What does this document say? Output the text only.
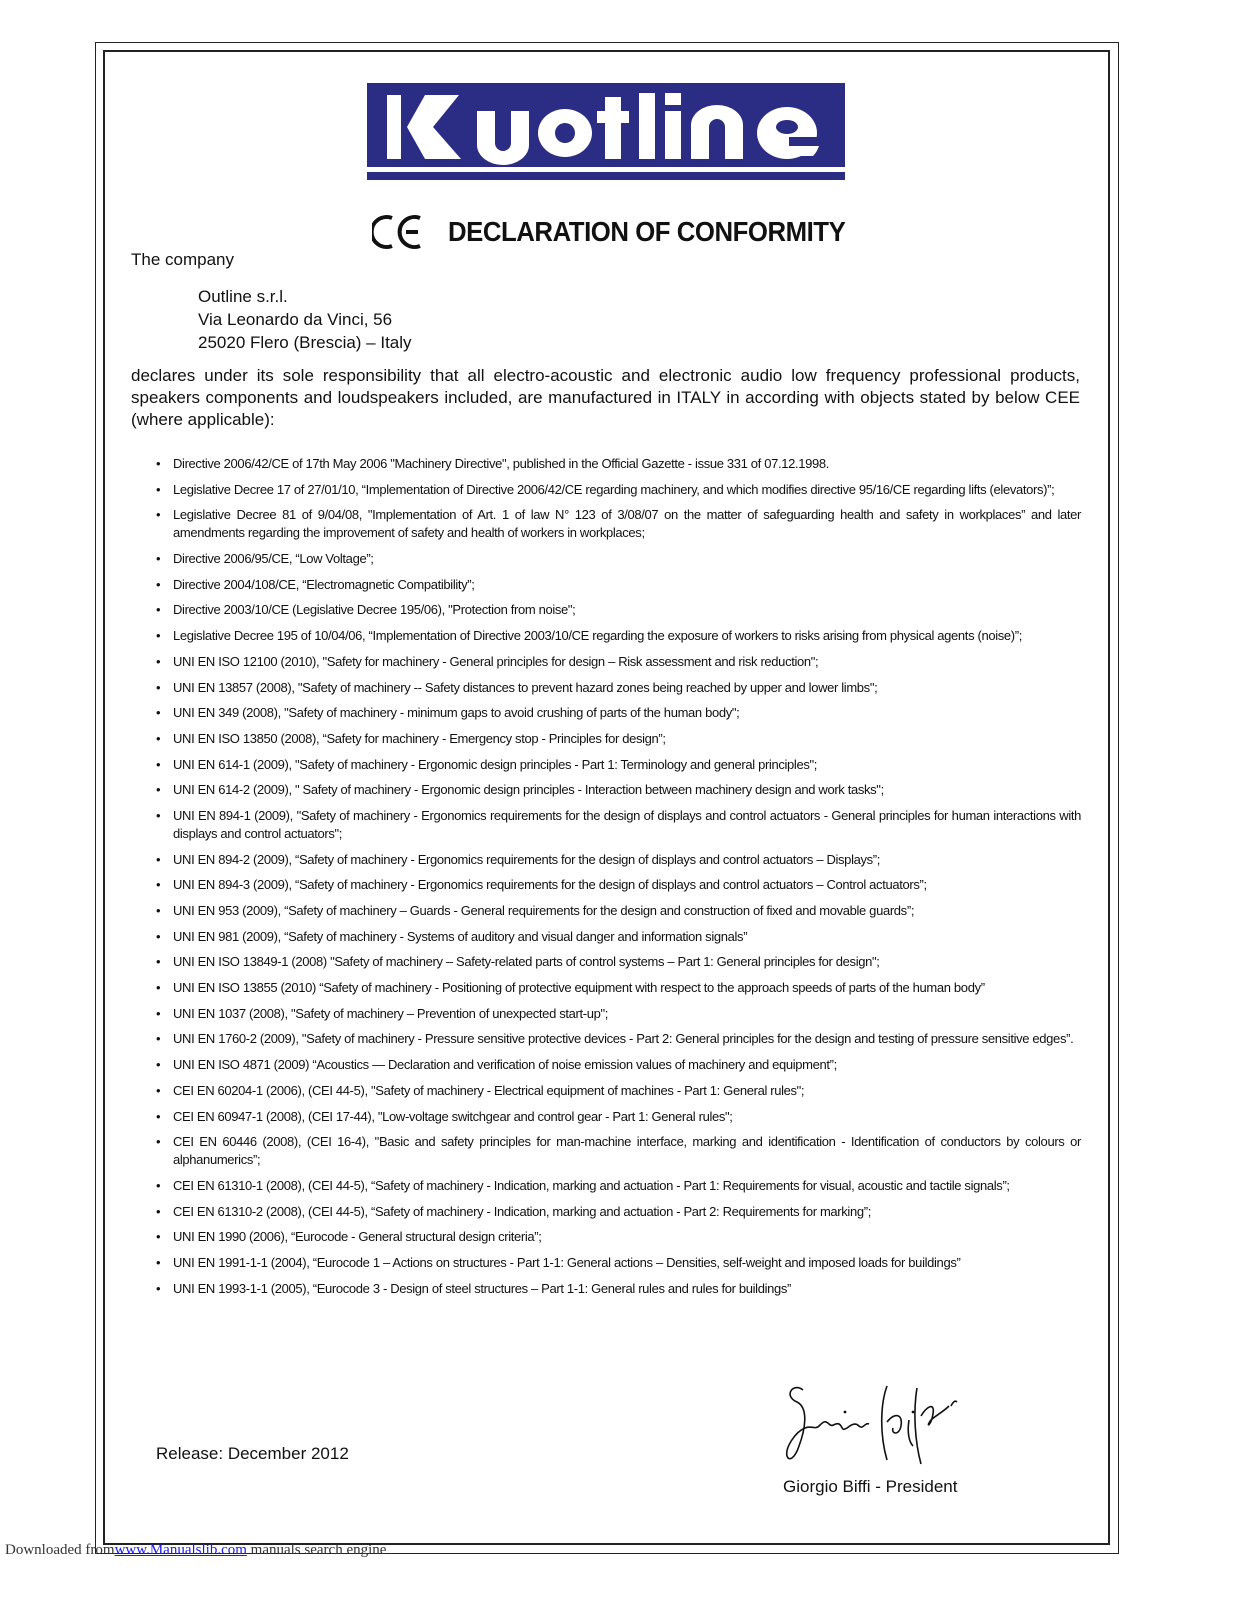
DECLARATION OF CONFORMITY
The company
Outline s.r.l.
Via Leonardo da Vinci, 56
25020 Flero (Brescia) – Italy
declares under its sole responsibility that all electro-acoustic and electronic audio low frequency professional products, speakers components and loudspeakers included, are manufactured in ITALY in according with objects stated by below CEE (where applicable):
• Directive 2006/42/CE of 17th May 2006 "Machinery Directive", published in the Official Gazette - issue 331 of 07.12.1998.
• Legislative Decree 17 of 27/01/10, “Implementation of Directive 2006/42/CE regarding machinery, and which modifies directive 95/16/CE regarding lifts (elevators)”;
• Legislative Decree 81 of 9/04/08, "Implementation of Art. 1 of law N° 123 of 3/08/07 on the matter of safeguarding health and safety in workplaces” and later amendments regarding the improvement of safety and health of workers in workplaces;
• Directive 2006/95/CE, “Low Voltage”;
• Directive 2004/108/CE, “Electromagnetic Compatibility”;
• Directive 2003/10/CE (Legislative Decree 195/06), "Protection from noise";
• Legislative Decree 195 of 10/04/06, “Implementation of Directive 2003/10/CE regarding the exposure of workers to risks arising from physical agents (noise)”;
• UNI EN ISO 12100 (2010), "Safety for machinery - General principles for design – Risk assessment and risk reduction";
• UNI EN 13857 (2008), "Safety of machinery -- Safety distances to prevent hazard zones being reached by upper and lower limbs";
• UNI EN 349 (2008), "Safety of machinery - minimum gaps to avoid crushing of parts of the human body";
• UNI EN ISO 13850 (2008), “Safety for machinery - Emergency stop - Principles for design”;
• UNI EN 614-1 (2009), "Safety of machinery - Ergonomic design principles - Part 1: Terminology and general principles";
• UNI EN 614-2 (2009), " Safety of machinery - Ergonomic design principles - Interaction between machinery design and work tasks";
• UNI EN 894-1 (2009), "Safety of machinery - Ergonomics requirements for the design of displays and control actuators - General principles for human interactions with displays and control actuators";
• UNI EN 894-2 (2009), “Safety of machinery - Ergonomics requirements for the design of displays and control actuators – Displays”;
• UNI EN 894-3 (2009), “Safety of machinery - Ergonomics requirements for the design of displays and control actuators – Control actuators”;
• UNI EN 953 (2009), “Safety of machinery – Guards - General requirements for the design and construction of fixed and movable guards”;
• UNI EN 981 (2009), “Safety of machinery - Systems of auditory and visual danger and information signals”
• UNI EN ISO 13849-1 (2008) "Safety of machinery – Safety-related parts of control systems – Part 1: General principles for design";
• UNI EN ISO 13855 (2010) “Safety of machinery - Positioning of protective equipment with respect to the approach speeds of parts of the human body”
• UNI EN 1037 (2008), "Safety of machinery – Prevention of unexpected start-up";
• UNI EN 1760-2 (2009), "Safety of machinery - Pressure sensitive protective devices - Part 2: General principles for the design and testing of pressure sensitive edges”.
• UNI EN ISO 4871 (2009) “Acoustics — Declaration and verification of noise emission values of machinery and equipment”;
• CEI EN 60204-1 (2006), (CEI 44-5), "Safety of machinery - Electrical equipment of machines - Part 1: General rules";
• CEI EN 60947-1 (2008), (CEI 17-44), "Low-voltage switchgear and control gear - Part 1: General rules";
• CEI EN 60446 (2008), (CEI 16-4), "Basic and safety principles for man-machine interface, marking and identification - Identification of conductors by colours or alphanumerics”;
• CEI EN 61310-1 (2008), (CEI 44-5), “Safety of machinery - Indication, marking and actuation - Part 1: Requirements for visual, acoustic and tactile signals”;
• CEI EN 61310-2 (2008), (CEI 44-5), “Safety of machinery - Indication, marking and actuation - Part 2: Requirements for marking”;
• UNI EN 1990 (2006), “Eurocode - General structural design criteria”;
• UNI EN 1991-1-1 (2004), “Eurocode 1 – Actions on structures - Part 1-1: General actions – Densities, self-weight and imposed loads for buildings”
• UNI EN 1993-1-1 (2005), “Eurocode 3 - Design of steel structures – Part 1-1: General rules and rules for buildings”
Release: December 2012
Giorgio Biffi - President
Downloaded fromwww.Manualslib.com manuals search engine
